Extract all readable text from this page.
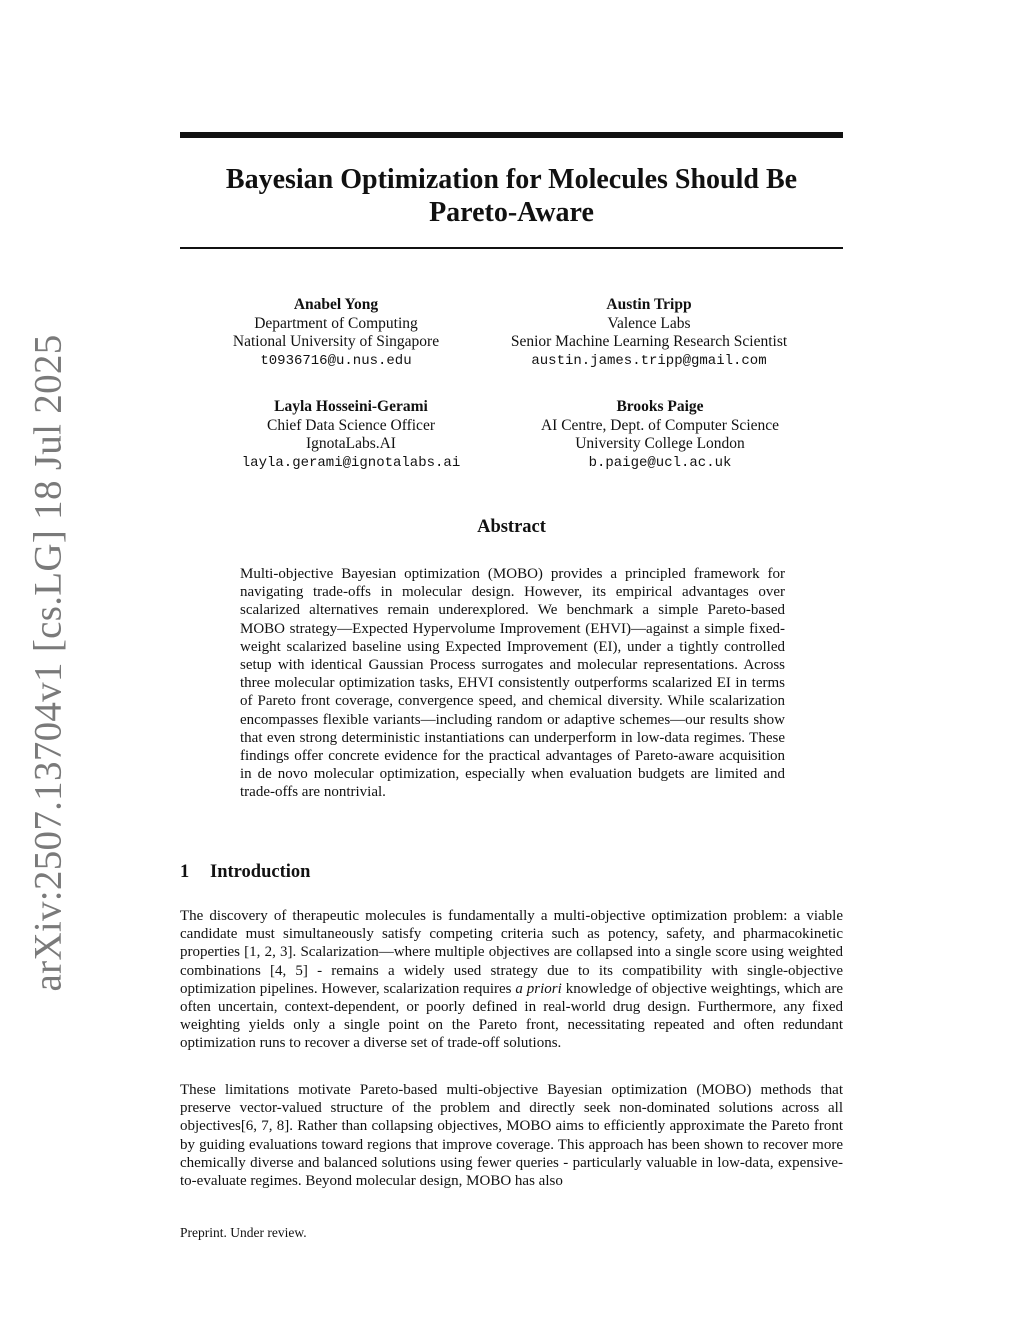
arXiv:2507.13704v1 [cs.LG] 18 Jul 2025
Bayesian Optimization for Molecules Should Be
Pareto-Aware
Anabel Yong
Department of Computing
National University of Singapore
t0936716@u.nus.edu
Austin Tripp
Valence Labs
Senior Machine Learning Research Scientist
austin.james.tripp@gmail.com
Layla Hosseini-Gerami
Chief Data Science Officer
IgnotaLabs.AI
layla.gerami@ignotalabs.ai
Brooks Paige
AI Centre, Dept. of Computer Science
University College London
b.paige@ucl.ac.uk
Abstract

Multi-objective Bayesian optimization (MOBO) provides a principled framework for navigating trade-offs in molecular design. However, its empirical advantages over scalarized alternatives remain underexplored. We benchmark a simple Pareto-based MOBO strategy—Expected Hypervolume Improvement (EHVI)—against a simple fixed-weight scalarized baseline using Expected Improvement (EI), under a tightly controlled setup with identical Gaussian Process surrogates and molecular representations. Across three molecular optimization tasks, EHVI consistently outperforms scalarized EI in terms of Pareto front coverage, convergence speed, and chemical diversity. While scalarization encompasses flexible variants—including random or adaptive schemes—our results show that even strong deterministic instantiations can underperform in low-data regimes. These findings offer concrete evidence for the practical advantages of Pareto-aware acquisition in de novo molecular optimization, especially when evaluation budgets are limited and trade-offs are nontrivial.

1 Introduction

The discovery of therapeutic molecules is fundamentally a multi-objective optimization problem: a viable candidate must simultaneously satisfy competing criteria such as potency, safety, and pharmacokinetic properties [1, 2, 3]. Scalarization—where multiple objectives are collapsed into a single score using weighted combinations [4, 5] - remains a widely used strategy due to its compatibility with single-objective optimization pipelines. However, scalarization requires a priori knowledge of objective weightings, which are often uncertain, context-dependent, or poorly defined in real-world drug design. Furthermore, any fixed weighting yields only a single point on the Pareto front, necessitating repeated and often redundant optimization runs to recover a diverse set of trade-off solutions.

These limitations motivate Pareto-based multi-objective Bayesian optimization (MOBO) methods that preserve vector-valued structure of the problem and directly seek non-dominated solutions across all objectives[6, 7, 8]. Rather than collapsing objectives, MOBO aims to efficiently approximate the Pareto front by guiding evaluations toward regions that improve coverage. This approach has been shown to recover more chemically diverse and balanced solutions using fewer queries - particularly valuable in low-data, expensive-to-evaluate regimes. Beyond molecular design, MOBO has also

Preprint. Under review.
